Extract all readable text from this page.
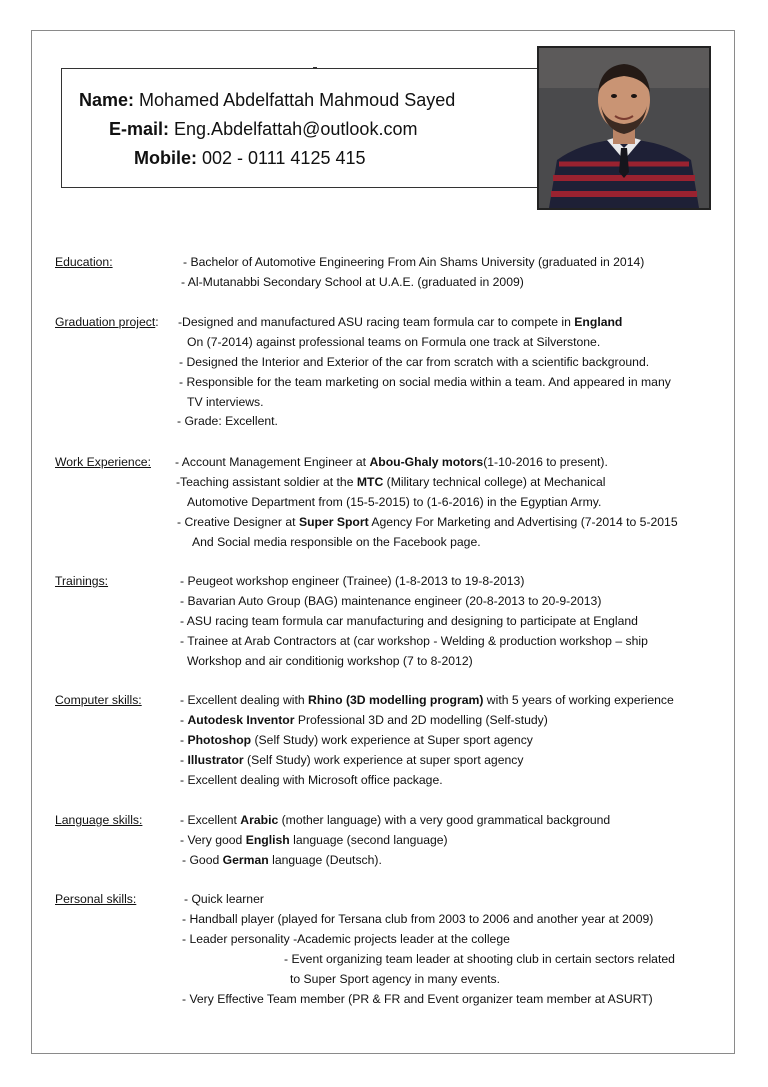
Name: Mohamed Abdelfattah Mahmoud Sayed
E-mail: Eng.Abdelfattah@outlook.com
Mobile: 002 - 0111 4125 415
Education:	- Bachelor of Automotive Engineering From Ain Shams University (graduated in 2014)
- Al-Mutanabbi Secondary School at U.A.E. (graduated in 2009)
Graduation project: -Designed and manufactured ASU racing team formula car to compete in England
On (7-2014) against professional teams on Formula one track at Silverstone.
- Designed the Interior and Exterior of the car from scratch with a scientific background.
- Responsible for the team marketing on social media within a team. And appeared in many
TV interviews.
- Grade: Excellent.
Work Experience: - Account Management Engineer at Abou-Ghaly motors(1-10-2016 to present).
-Teaching assistant soldier at the MTC (Military technical college) at Mechanical
Automotive Department from (15-5-2015) to (1-6-2016) in the Egyptian Army.
- Creative Designer at Super Sport Agency For Marketing and Advertising (7-2014 to 5-2015
And Social media responsible on the Facebook page.
Trainings:	- Peugeot workshop engineer (Trainee) (1-8-2013 to 19-8-2013)
- Bavarian Auto Group (BAG) maintenance engineer (20-8-2013 to 20-9-2013)
- ASU racing team formula car manufacturing and designing to participate at England
- Trainee at Arab Contractors at (car workshop - Welding & production workshop – ship
Workshop and air conditionig workshop (7 to 8-2012)
Computer skills:	- Excellent dealing with Rhino (3D modelling program) with 5 years of working experience
- Autodesk Inventor Professional 3D and 2D modelling (Self-study)
- Photoshop (Self Study) work experience at Super sport agency
- Illustrator (Self Study) work experience at super sport agency
- Excellent dealing with Microsoft office package.
Language skills:	- Excellent Arabic (mother language) with a very good grammatical background
- Very good English language (second language)
- Good German language (Deutsch).
Personal skills:	- Quick learner
- Handball player (played for Tersana club from 2003 to 2006 and another year at 2009)
- Leader personality -Academic projects leader at the college
- Event organizing team leader at shooting club in certain sectors related
to Super Sport agency in many events.
- Very Effective Team member (PR & FR and Event organizer team member at ASURT)
